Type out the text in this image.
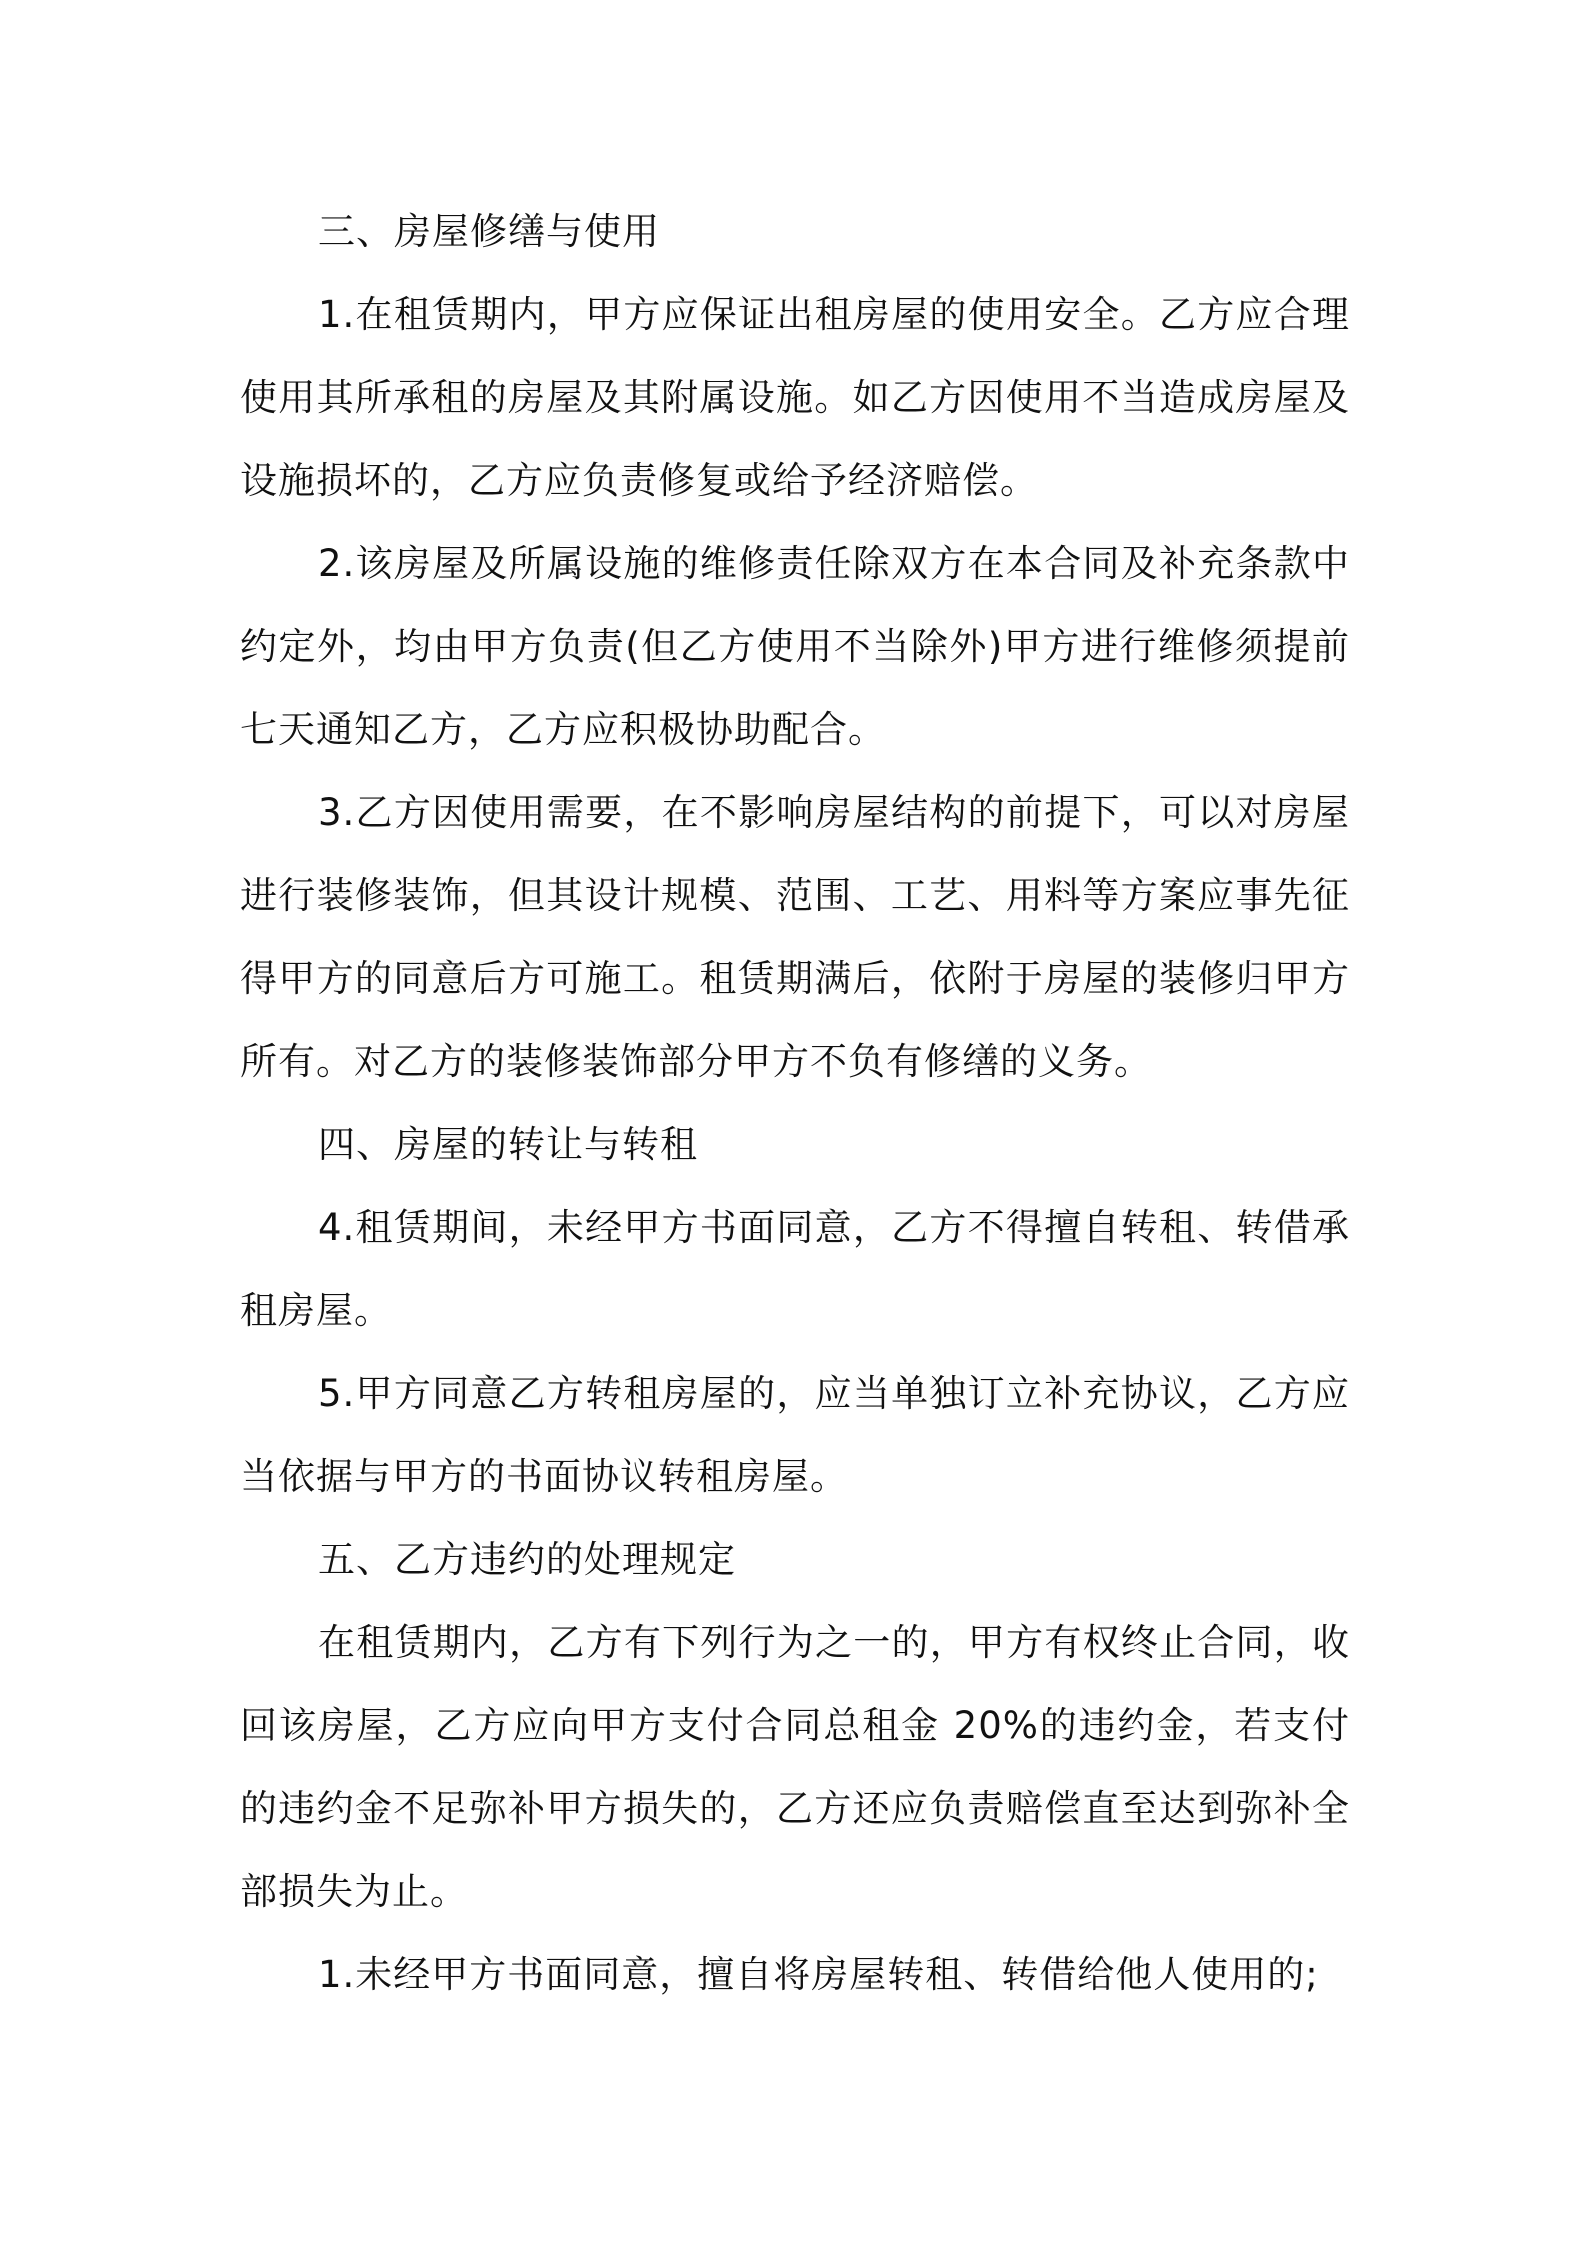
三、房屋修缮与使用

1.在租赁期内，甲方应保证出租房屋的使用安全。乙方应合理使用其所承租的房屋及其附属设施。如乙方因使用不当造成房屋及设施损坏的，乙方应负责修复或给予经济赔偿。

2.该房屋及所属设施的维修责任除双方在本合同及补充条款中约定外，均由甲方负责(但乙方使用不当除外)甲方进行维修须提前七天通知乙方，乙方应积极协助配合。

3.乙方因使用需要，在不影响房屋结构的前提下，可以对房屋进行装修装饰，但其设计规模、范围、工艺、用料等方案应事先征得甲方的同意后方可施工。租赁期满后，依附于房屋的装修归甲方所有。对乙方的装修装饰部分甲方不负有修缮的义务。

四、房屋的转让与转租

4.租赁期间，未经甲方书面同意，乙方不得擅自转租、转借承租房屋。

5.甲方同意乙方转租房屋的，应当单独订立补充协议，乙方应当依据与甲方的书面协议转租房屋。

五、乙方违约的处理规定

在租赁期内，乙方有下列行为之一的，甲方有权终止合同，收回该房屋，乙方应向甲方支付合同总租金 20%的违约金，若支付的违约金不足弥补甲方损失的，乙方还应负责赔偿直至达到弥补全部损失为止。

1.未经甲方书面同意，擅自将房屋转租、转借给他人使用的;
